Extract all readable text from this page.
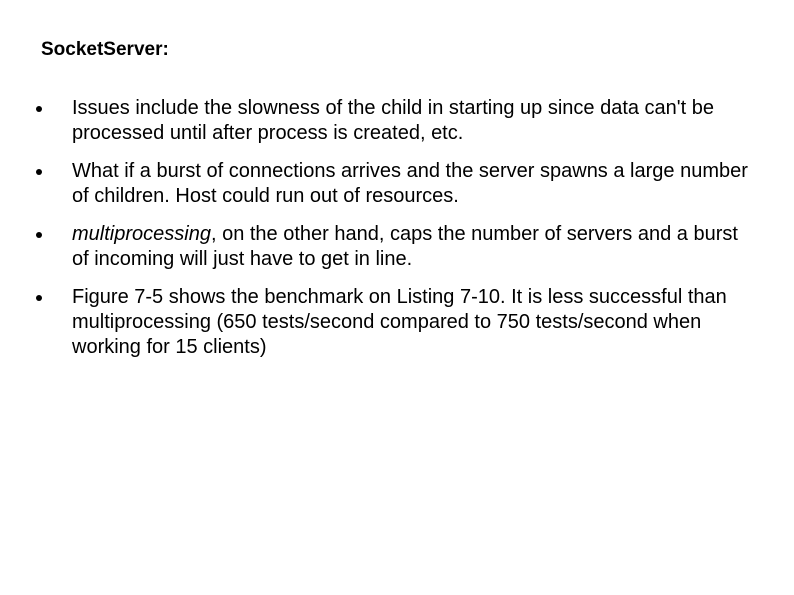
SocketServer:
Issues include the slowness of the child in starting up since data can't be processed until after process is created, etc.
What if a burst of connections arrives and the server spawns a large number of children. Host could run out of resources.
multiprocessing, on the other hand, caps the number of servers and a burst of incoming will just have to get in line.
Figure 7-5 shows the benchmark on Listing 7-10. It is less successful than multiprocessing (650 tests/second compared to 750 tests/second when working for 15 clients)
